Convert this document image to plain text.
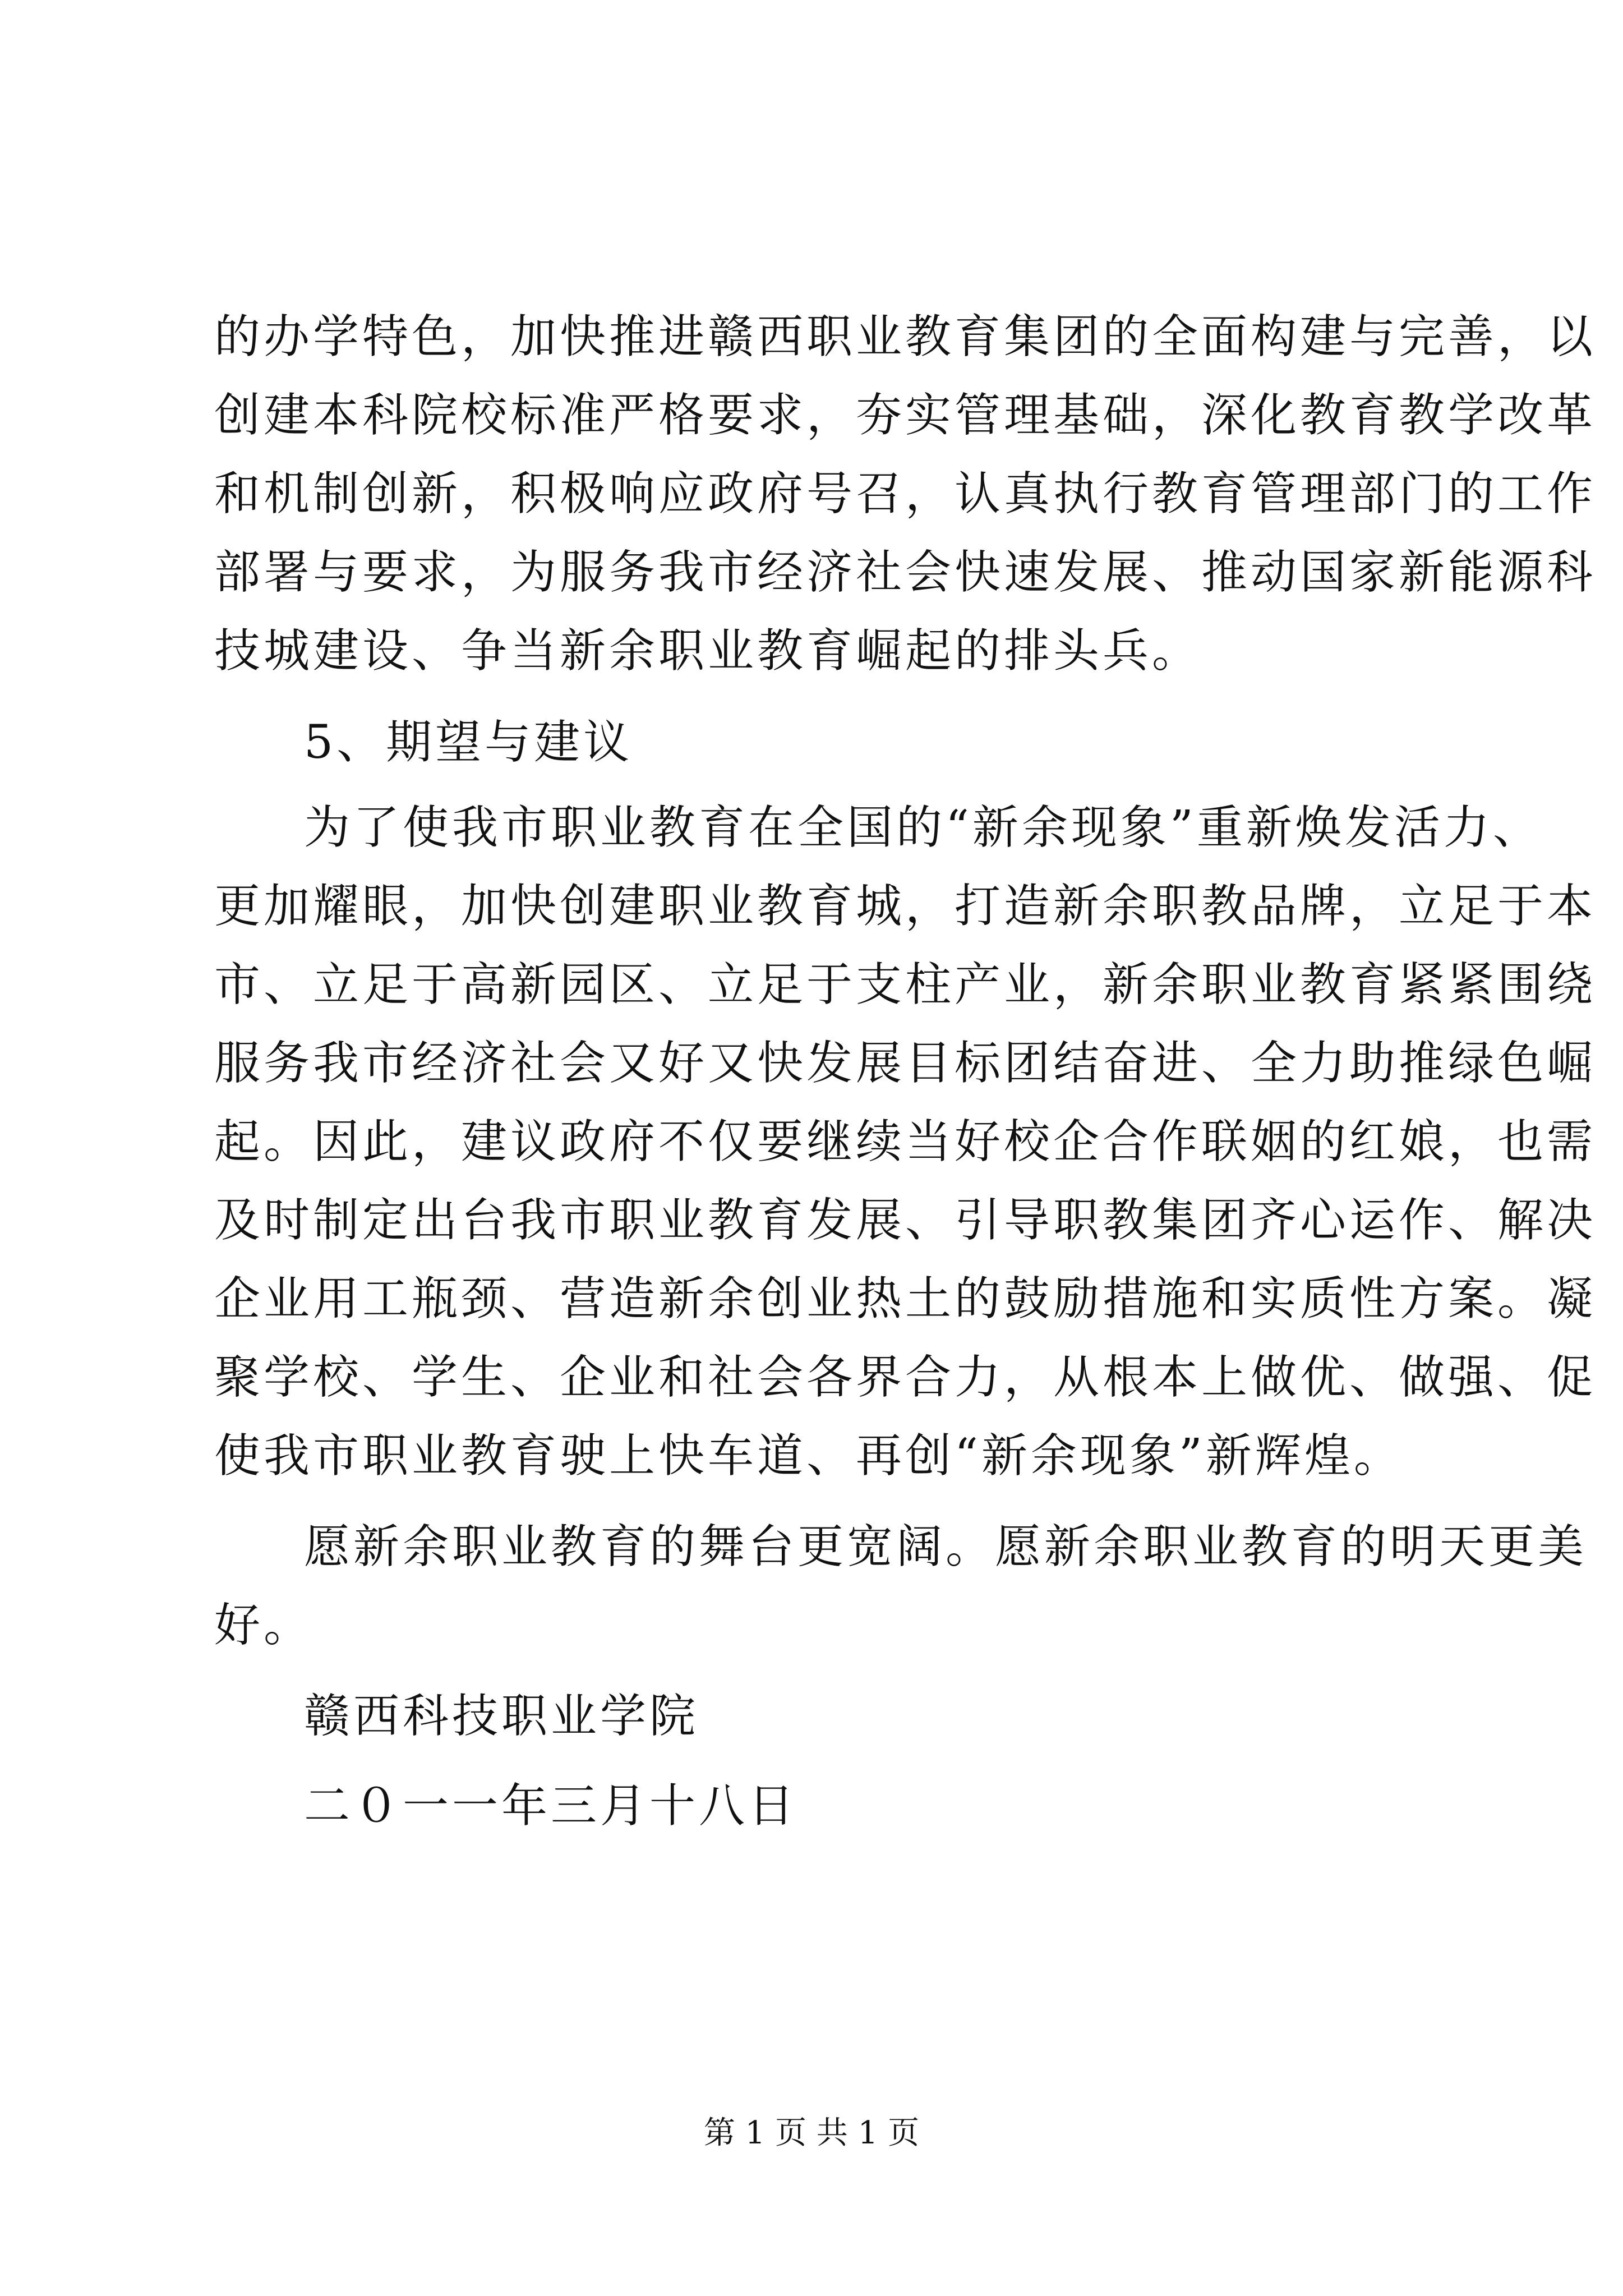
的办学特色，加快推进赣西职业教育集团的全面构建与完善，以
创建本科院校标准严格要求，夯实管理基础，深化教育教学改革
和机制创新，积极响应政府号召，认真执行教育管理部门的工作
部署与要求，为服务我市经济社会快速发展、推动国家新能源科
技城建设、争当新余职业教育崛起的排头兵。
5、期望与建议
为了使我市职业教育在全国的“新余现象”重新焕发活力、
更加耀眼，加快创建职业教育城，打造新余职教品牌，立足于本
市、立足于高新园区、立足于支柱产业，新余职业教育紧紧围绕
服务我市经济社会又好又快发展目标团结奋进、全力助推绿色崛
起。因此，建议政府不仅要继续当好校企合作联姻的红娘，也需
及时制定出台我市职业教育发展、引导职教集团齐心运作、解决
企业用工瓶颈、营造新余创业热土的鼓励措施和实质性方案。凝
聚学校、学生、企业和社会各界合力，从根本上做优、做强、促
使我市职业教育驶上快车道、再创“新余现象”新辉煌。
愿新余职业教育的舞台更宽阔。愿新余职业教育的明天更美
好。
赣西科技职业学院
二０一一年三月十八日
第 1 页 共 1 页
